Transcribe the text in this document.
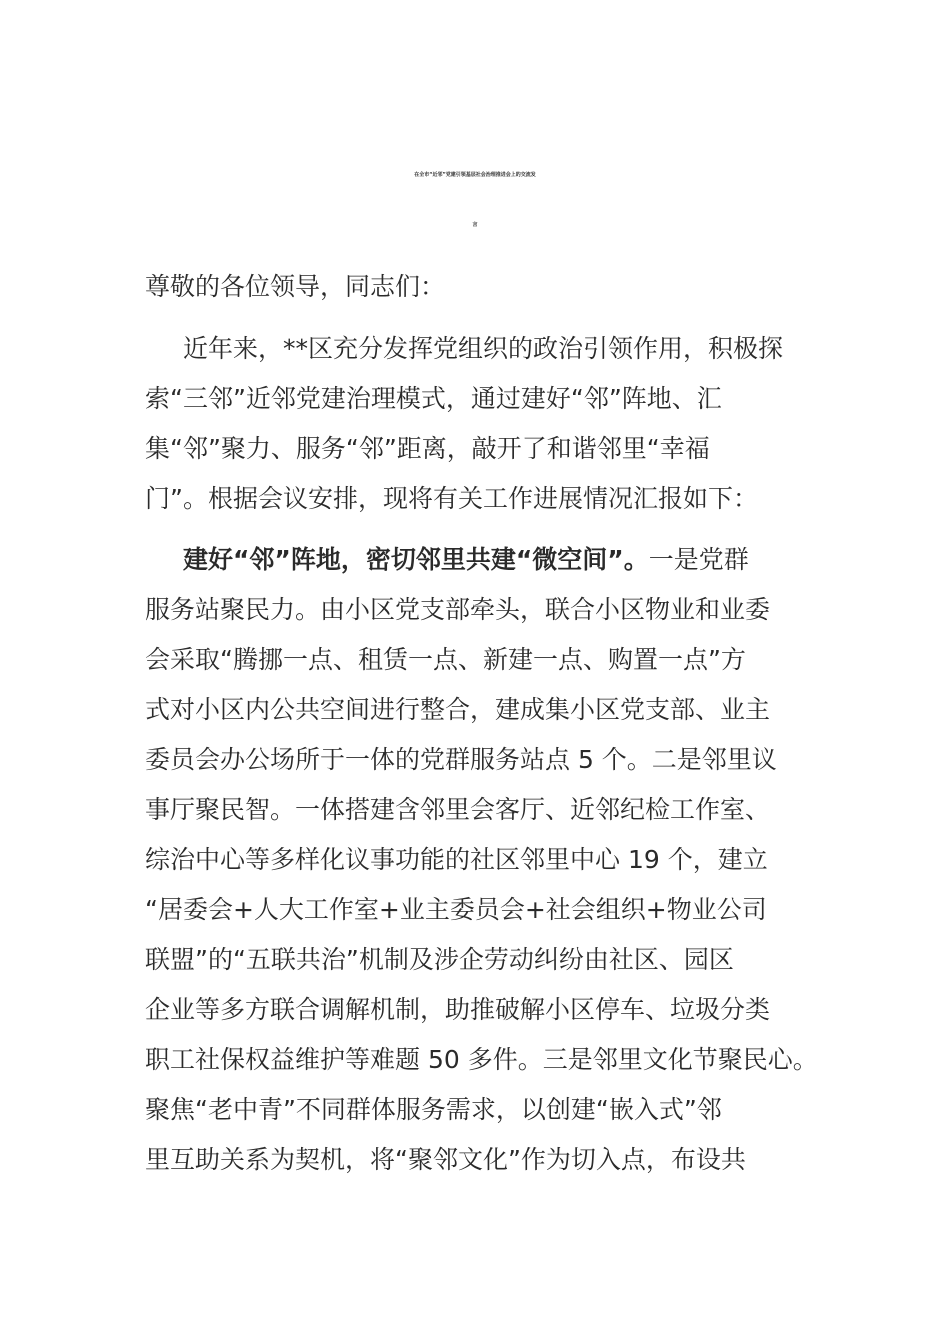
在全市“近邻”党建引领基层社会治理推进会上的交流发
言
尊敬的各位领导，同志们：
近年来，**区充分发挥党组织的政治引领作用，积极探
索“三邻”近邻党建治理模式，通过建好“邻”阵地、汇
集“邻”聚力、服务“邻”距离，敲开了和谐邻里“幸福
门”。根据会议安排，现将有关工作进展情况汇报如下：
建好“邻”阵地，密切邻里共建“微空间”。一是党群
服务站聚民力。由小区党支部牵头，联合小区物业和业委
会采取“腾挪一点、租赁一点、新建一点、购置一点”方
式对小区内公共空间进行整合，建成集小区党支部、业主
委员会办公场所于一体的党群服务站点 5 个。二是邻里议
事厅聚民智。一体搭建含邻里会客厅、近邻纪检工作室、
综治中心等多样化议事功能的社区邻里中心 19 个，建立
“居委会+人大工作室+业主委员会+社会组织+物业公司
联盟”的“五联共治”机制及涉企劳动纠纷由社区、园区
企业等多方联合调解机制，助推破解小区停车、垃圾分类
职工社保权益维护等难题 50 多件。三是邻里文化节聚民心。
聚焦“老中青”不同群体服务需求，以创建“嵌入式”邻
里互助关系为契机，将“聚邻文化”作为切入点，布设共
